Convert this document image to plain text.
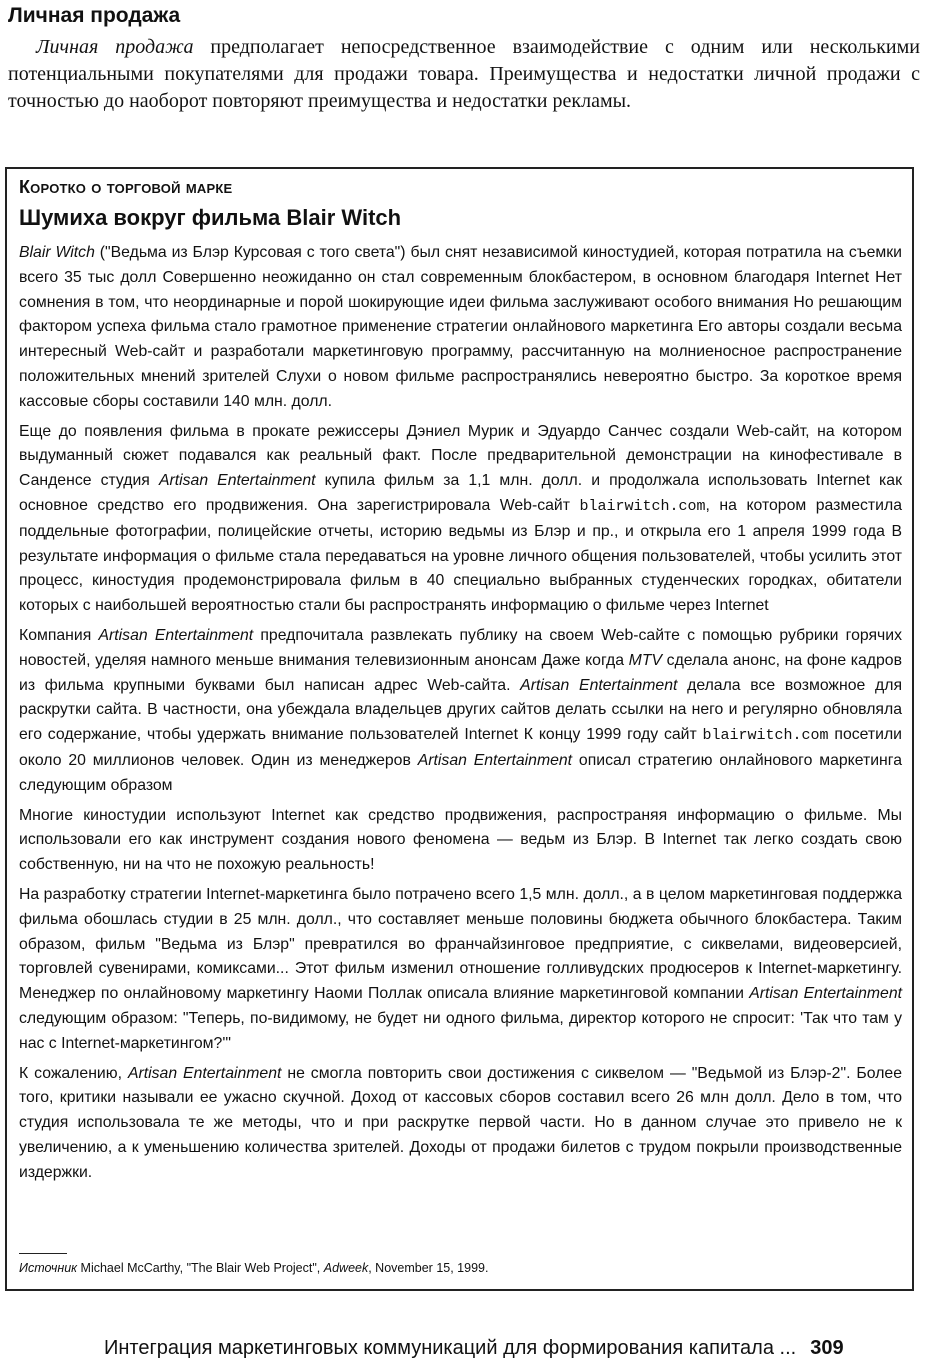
Личная продажа

Личная продажа предполагает непосредственное взаимодействие с одним или несколькими потенциальными покупателями для продажи товара. Преимущества и недостатки личной продажи с точностью до наоборот повторяют преимущества и недостатки рекламы.

Коротко о торговой марке
Шумиха вокруг фильма Blair Witch

Blair Witch ("Ведьма из Блэр Курсовая с того света") был снят независимой киностудией, которая потратила на съемки всего 35 тыс долл Совершенно неожиданно он стал современным блокбастером, в основном благодаря Internet Нет сомнения в том, что неординарные и порой шокирующие идеи фильма заслуживают особого внимания Но решающим фактором успеха фильма стало грамотное применение стратегии онлайнового маркетинга Его авторы создали весьма интересный Web-сайт и разработали маркетинговую программу, рассчитанную на молниеносное распространение положительных мнений зрителей Слухи о новом фильме распространялись невероятно быстро. За короткое время кассовые сборы составили 140 млн. долл.

Еще до появления фильма в прокате режиссеры Дэниел Мурик и Эдуардо Санчес создали Web-сайт, на котором выдуманный сюжет подавался как реальный факт. После предварительной демонстрации на кинофестивале в Санденсе студия Artisan Entertainment купила фильм за 1,1 млн. долл. и продолжала использовать Internet как основное средство его продвижения. Она зарегистрировала Web-сайт blairwitch.com, на котором разместила поддельные фотографии, полицейские отчеты, историю ведьмы из Блэр и пр., и открыла его 1 апреля 1999 года В результате информация о фильме стала передаваться на уровне личного общения пользователей, чтобы усилить этот процесс, киностудия продемонстрировала фильм в 40 специально выбранных студенческих городках, обитатели которых с наибольшей вероятностью стали бы распространять информацию о фильме через Internet

Компания Artisan Entertainment предпочитала развлекать публику на своем Web-сайте с помощью рубрики горячих новостей, уделяя намного меньше внимания телевизионным анонсам Даже когда MTV сделала анонс, на фоне кадров из фильма крупными буквами был написан адрес Web-сайта. Artisan Entertainment делала все возможное для раскрутки сайта. В частности, она убеждала владельцев других сайтов делать ссылки на него и регулярно обновляла его содержание, чтобы удержать внимание пользователей Internet К концу 1999 году сайт blairwitch.com посетили около 20 миллионов человек. Один из менеджеров Artisan Entertainment описал стратегию онлайнового маркетинга следующим образом

Многие киностудии используют Internet как средство продвижения, распространяя информацию о фильме. Мы использовали его как инструмент создания нового феномена — ведьм из Блэр. В Internet так легко создать свою собственную, ни на что не похожую реальность!

На разработку стратегии Internet-маркетинга было потрачено всего 1,5 млн. долл., а в целом маркетинговая поддержка фильма обошлась студии в 25 млн. долл., что составляет меньше половины бюджета обычного блокбастера. Таким образом, фильм "Ведьма из Блэр" превратился во франчайзинговое предприятие, с сиквелами, видеоверсией, торговлей сувенирами, комиксами... Этот фильм изменил отношение голливудских продюсеров к Internet-маркетингу. Менеджер по онлайновому маркетингу Наоми Поллак описала влияние маркетинговой компании Artisan Entertainment следующим образом: "Теперь, по-видимому, не будет ни одного фильма, директор которого не спросит: 'Так что там у нас с Internet-маркетингом?'"

К сожалению, Artisan Entertainment не смогла повторить свои достижения с сиквелом — "Ведьмой из Блэр-2". Более того, критики называли ее ужасно скучной. Доход от кассовых сборов составил всего 26 млн долл. Дело в том, что студия использовала те же методы, что и при раскрутке первой части. Но в данном случае это привело не к увеличению, а к уменьшению количества зрителей. Доходы от продажи билетов с трудом покрыли производственные издержки.

Источник Michael McCarthy, "The Blair Web Project", Adweek, November 15, 1999.
Интеграция маркетинговых коммуникаций для формирования капитала ... 309
